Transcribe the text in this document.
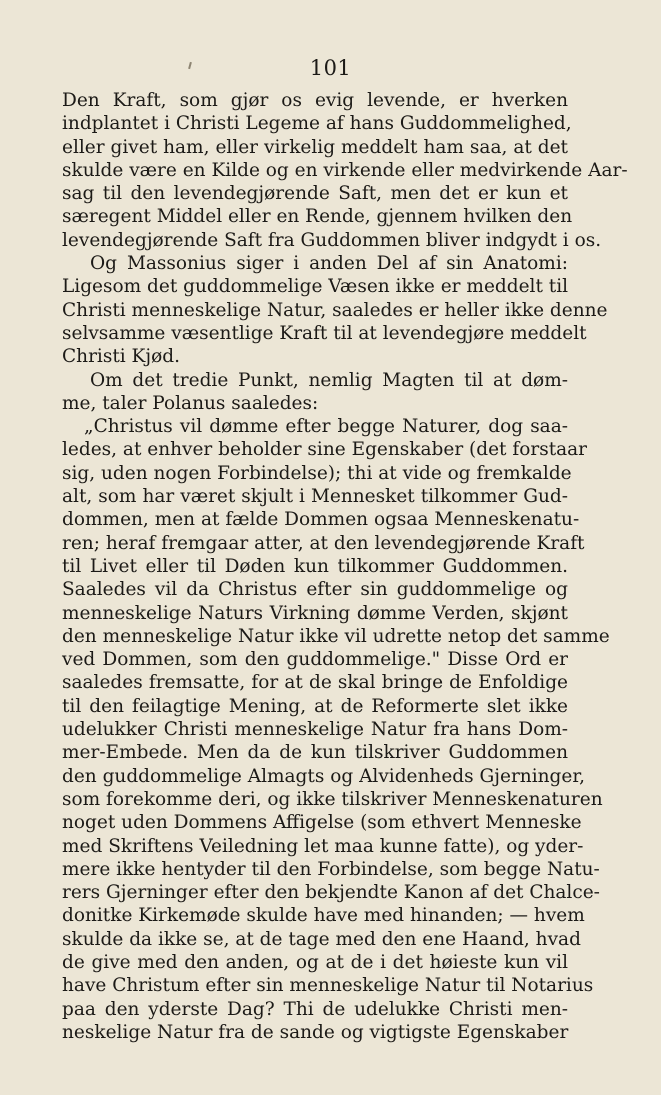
101
Den Kraft, som gjør os evig levende, er hverken
indplantet i Christi Legeme af hans Guddommelighed,
eller givet ham, eller virkelig meddelt ham saa, at det
skulde være en Kilde og en virkende eller medvirkende Aar-
sag til den levendegjørende Saft, men det er kun et
særegent Middel eller en Rende, gjennem hvilken den
levendegjørende Saft fra Guddommen bliver indgydt i os.
Og Massonius siger i anden Del af sin Anatomi:
Ligesom det guddommelige Væsen ikke er meddelt til
Christi menneskelige Natur, saaledes er heller ikke denne
selvsamme væsentlige Kraft til at levendegjøre meddelt
Christi Kjød.
Om det tredie Punkt, nemlig Magten til at døm-
me, taler Polanus saaledes:
„Christus vil dømme efter begge Naturer, dog saa-
ledes, at enhver beholder sine Egenskaber (det forstaar
sig, uden nogen Forbindelse); thi at vide og fremkalde
alt, som har været skjult i Mennesket tilkommer Gud-
dommen, men at fælde Dommen ogsaa Menneskenatu-
ren; heraf fremgaar atter, at den levendegjørende Kraft
til Livet eller til Døden kun tilkommer Guddommen.
Saaledes vil da Christus efter sin guddommelige og
menneskelige Naturs Virkning dømme Verden, skjønt
den menneskelige Natur ikke vil udrette netop det samme
ved Dommen, som den guddommelige." Disse Ord er
saaledes fremsatte, for at de skal bringe de Enfoldige
til den feilagtige Mening, at de Reformerte slet ikke
udelukker Christi menneskelige Natur fra hans Dom-
mer-Embede. Men da de kun tilskriver Guddommen
den guddommelige Almagts og Alvidenheds Gjerninger,
som forekomme deri, og ikke tilskriver Menneskenaturen
noget uden Dommens Affigelse (som ethvert Menneske
med Skriftens Veiledning let maa kunne fatte), og yder-
mere ikke hentyder til den Forbindelse, som begge Natu-
rers Gjerninger efter den bekjendte Kanon af det Chalce-
donitke Kirkemøde skulde have med hinanden; — hvem
skulde da ikke se, at de tage med den ene Haand, hvad
de give med den anden, og at de i det høieste kun vil
have Christum efter sin menneskelige Natur til Notarius
paa den yderste Dag? Thi de udelukke Christi men-
neskelige Natur fra de sande og vigtigste Egenskaber
